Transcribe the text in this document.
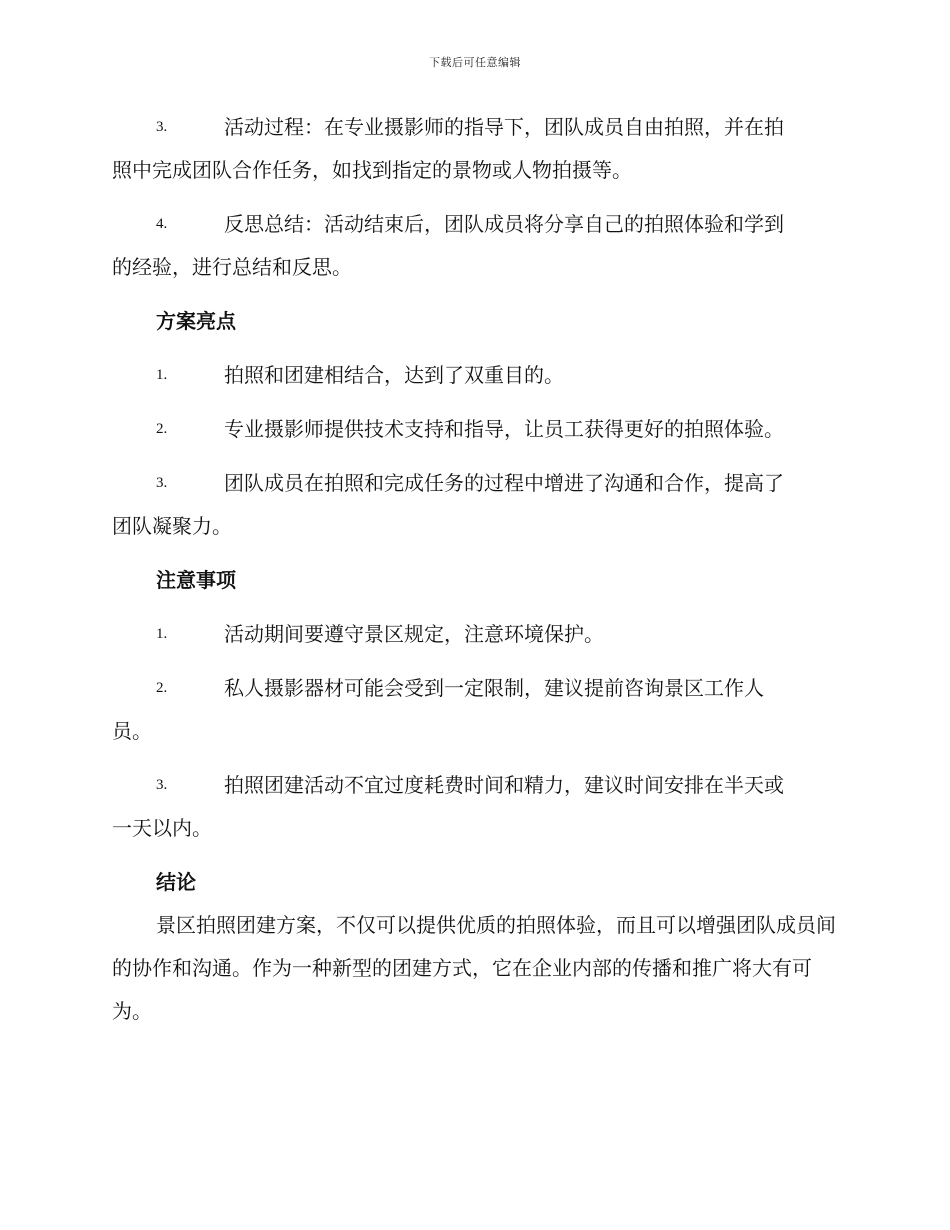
下载后可任意编辑
3.	活动过程：在专业摄影师的指导下，团队成员自由拍照，并在拍
照中完成团队合作任务，如找到指定的景物或人物拍摄等。
4.	反思总结：活动结束后，团队成员将分享自己的拍照体验和学到
的经验，进行总结和反思。
方案亮点
1.	拍照和团建相结合，达到了双重目的。
2.	专业摄影师提供技术支持和指导，让员工获得更好的拍照体验。
3.	团队成员在拍照和完成任务的过程中增进了沟通和合作，提高了
团队凝聚力。
注意事项
1.	活动期间要遵守景区规定，注意环境保护。
2.	私人摄影器材可能会受到一定限制，建议提前咨询景区工作人
员。
3.	拍照团建活动不宜过度耗费时间和精力，建议时间安排在半天或
一天以内。
结论
景区拍照团建方案，不仅可以提供优质的拍照体验，而且可以增强团队成员间的协作和沟通。作为一种新型的团建方式，它在企业内部的传播和推广将大有可为。
